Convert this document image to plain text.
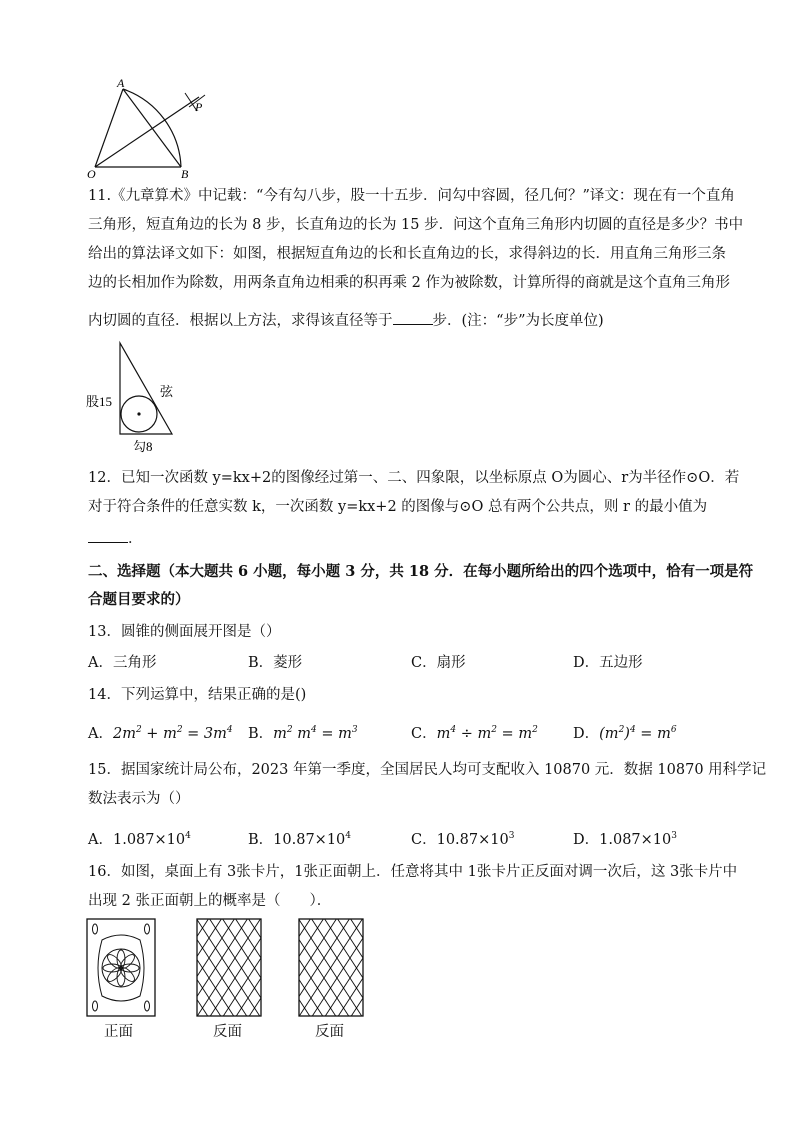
A
O	B
P
11.《九章算术》中记载：“今有勾八步，股一十五步．问勾中容圆，径几何？”译文：现在有一个直角
三角形，短直角边的长为 8 步，长直角边的长为 15 步．问这个直角三角形内切圆的直径是多少？书中
给出的算法译文如下：如图，根据短直角边的长和长直角边的长，求得斜边的长．用直角三角形三条
边的长相加作为除数，用两条直角边相乘的积再乘 2 作为被除数，计算所得的商就是这个直角三角形
内切圆的直径．根据以上方法，求得该直径等于	步．(注：“步”为长度单位)
股15
弦
勾8
12．已知一次函数 y=kx+2的图像经过第一、二、四象限，以坐标原点 O为圆心、r为半径作⊙O．若
对于符合条件的任意实数 k，一次函数 y=kx+2 的图像与⊙O 总有两个公共点，则 r 的最小值为
．
二、选择题（本大题共 6 小题，每小题 3 分，共 18 分．在每小题所给出的四个选项中，恰有一项是符
合题目要求的）
13．圆锥的侧面展开图是（）
A．三角形	B．菱形	C．扇形	D．五边形
14．下列运算中，结果正确的是()
A．$2m^2 + m^2 = 3m^4$ B．$m^2$ $m^4 = m^3$	C．$m^4 \div m^2 = m^2$ D．$(m^2)^4 = m^6$
15．据国家统计局公布，2023 年第一季度，全国居民人均可支配收入 10870 元．数据 10870 用科学记
数法表示为（）
A．$1.087\times 10^4$	B．$10.87\times 10^4$	C．$10.87\times 10^3$	D．$1.087\times 10^3$
16．如图，桌面上有 3张卡片，1张正面朝上．任意将其中 1张卡片正反面对调一次后，这 3张卡片中
出现 2 张正面朝上的概率是（　　）．
正面	反面	反面
